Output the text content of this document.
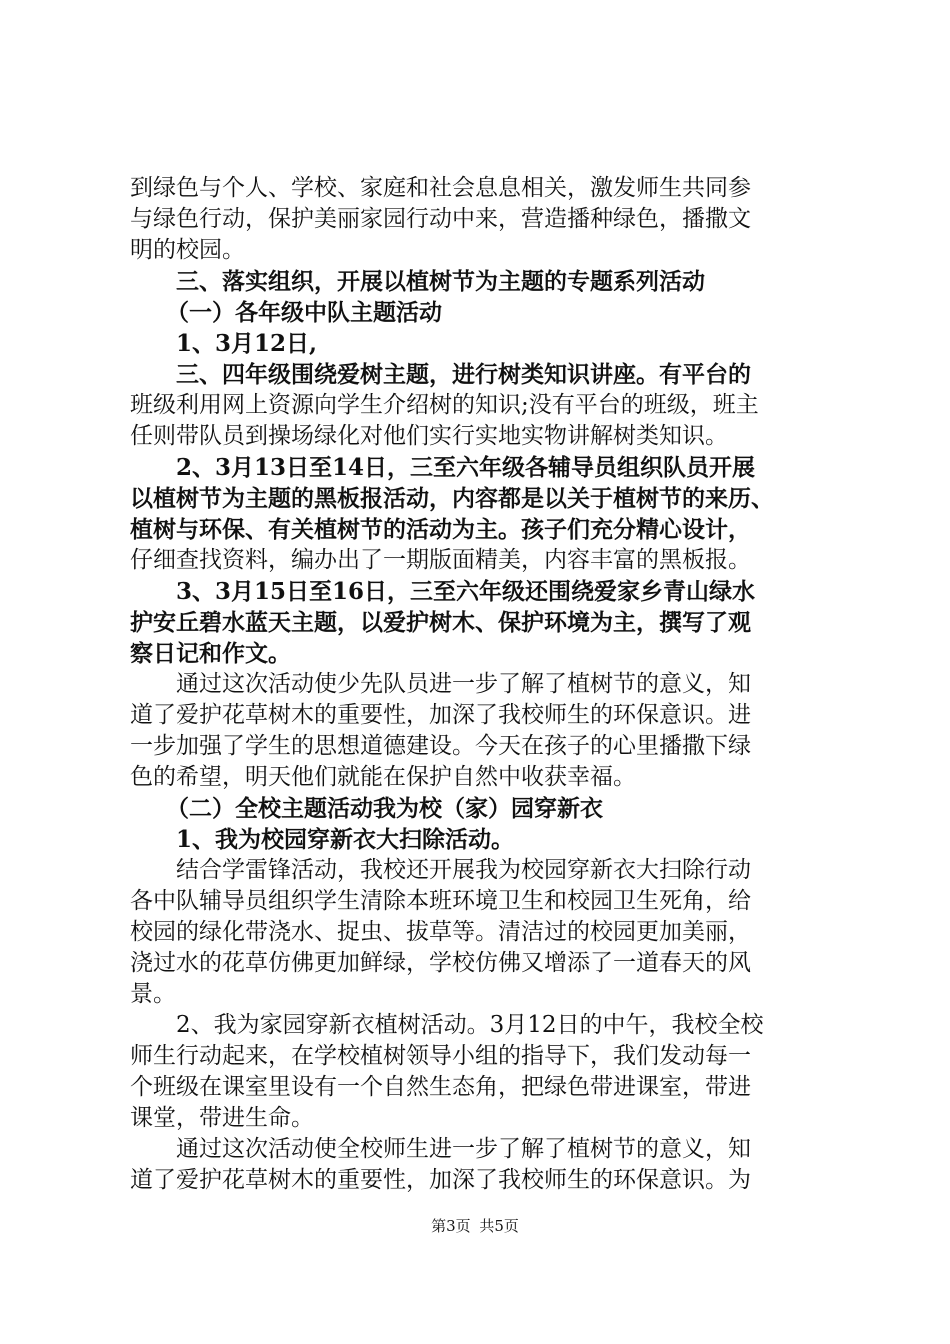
到绿色与个人、学校、家庭和社会息息相关，激发师生共同参
与绿色行动，保护美丽家园行动中来，营造播种绿色，播撒文
明的校园。
三、落实组织，开展以植树节为主题的专题系列活动
（一）各年级中队主题活动
1、3月12日,
三、四年级围绕爱树主题，进行树类知识讲座。有平台的
班级利用网上资源向学生介绍树的知识;没有平台的班级，班主
任则带队员到操场绿化对他们实行实地实物讲解树类知识。
2、3月13日至14日，三至六年级各辅导员组织队员开展
以植树节为主题的黑板报活动，内容都是以关于植树节的来历、
植树与环保、有关植树节的活动为主。孩子们充分精心设计，
仔细查找资料，编办出了一期版面精美，内容丰富的黑板报。
3、3月15日至16日，三至六年级还围绕爱家乡青山绿水
护安丘碧水蓝天主题，以爱护树木、保护环境为主，撰写了观
察日记和作文。
通过这次活动使少先队员进一步了解了植树节的意义，知
道了爱护花草树木的重要性，加深了我校师生的环保意识。进
一步加强了学生的思想道德建设。今天在孩子的心里播撒下绿
色的希望，明天他们就能在保护自然中收获幸福。
（二）全校主题活动我为校（家）园穿新衣
1、我为校园穿新衣大扫除活动。
结合学雷锋活动，我校还开展我为校园穿新衣大扫除行动
各中队辅导员组织学生清除本班环境卫生和校园卫生死角，给
校园的绿化带浇水、捉虫、拔草等。清洁过的校园更加美丽，
浇过水的花草仿佛更加鲜绿，学校仿佛又增添了一道春天的风
景。
2、我为家园穿新衣植树活动。3月12日的中午，我校全校
师生行动起来，在学校植树领导小组的指导下，我们发动每一
个班级在课室里设有一个自然生态角，把绿色带进课室，带进
课堂，带进生命。
通过这次活动使全校师生进一步了解了植树节的意义，知
道了爱护花草树木的重要性，加深了我校师生的环保意识。为
第3页 共5页
